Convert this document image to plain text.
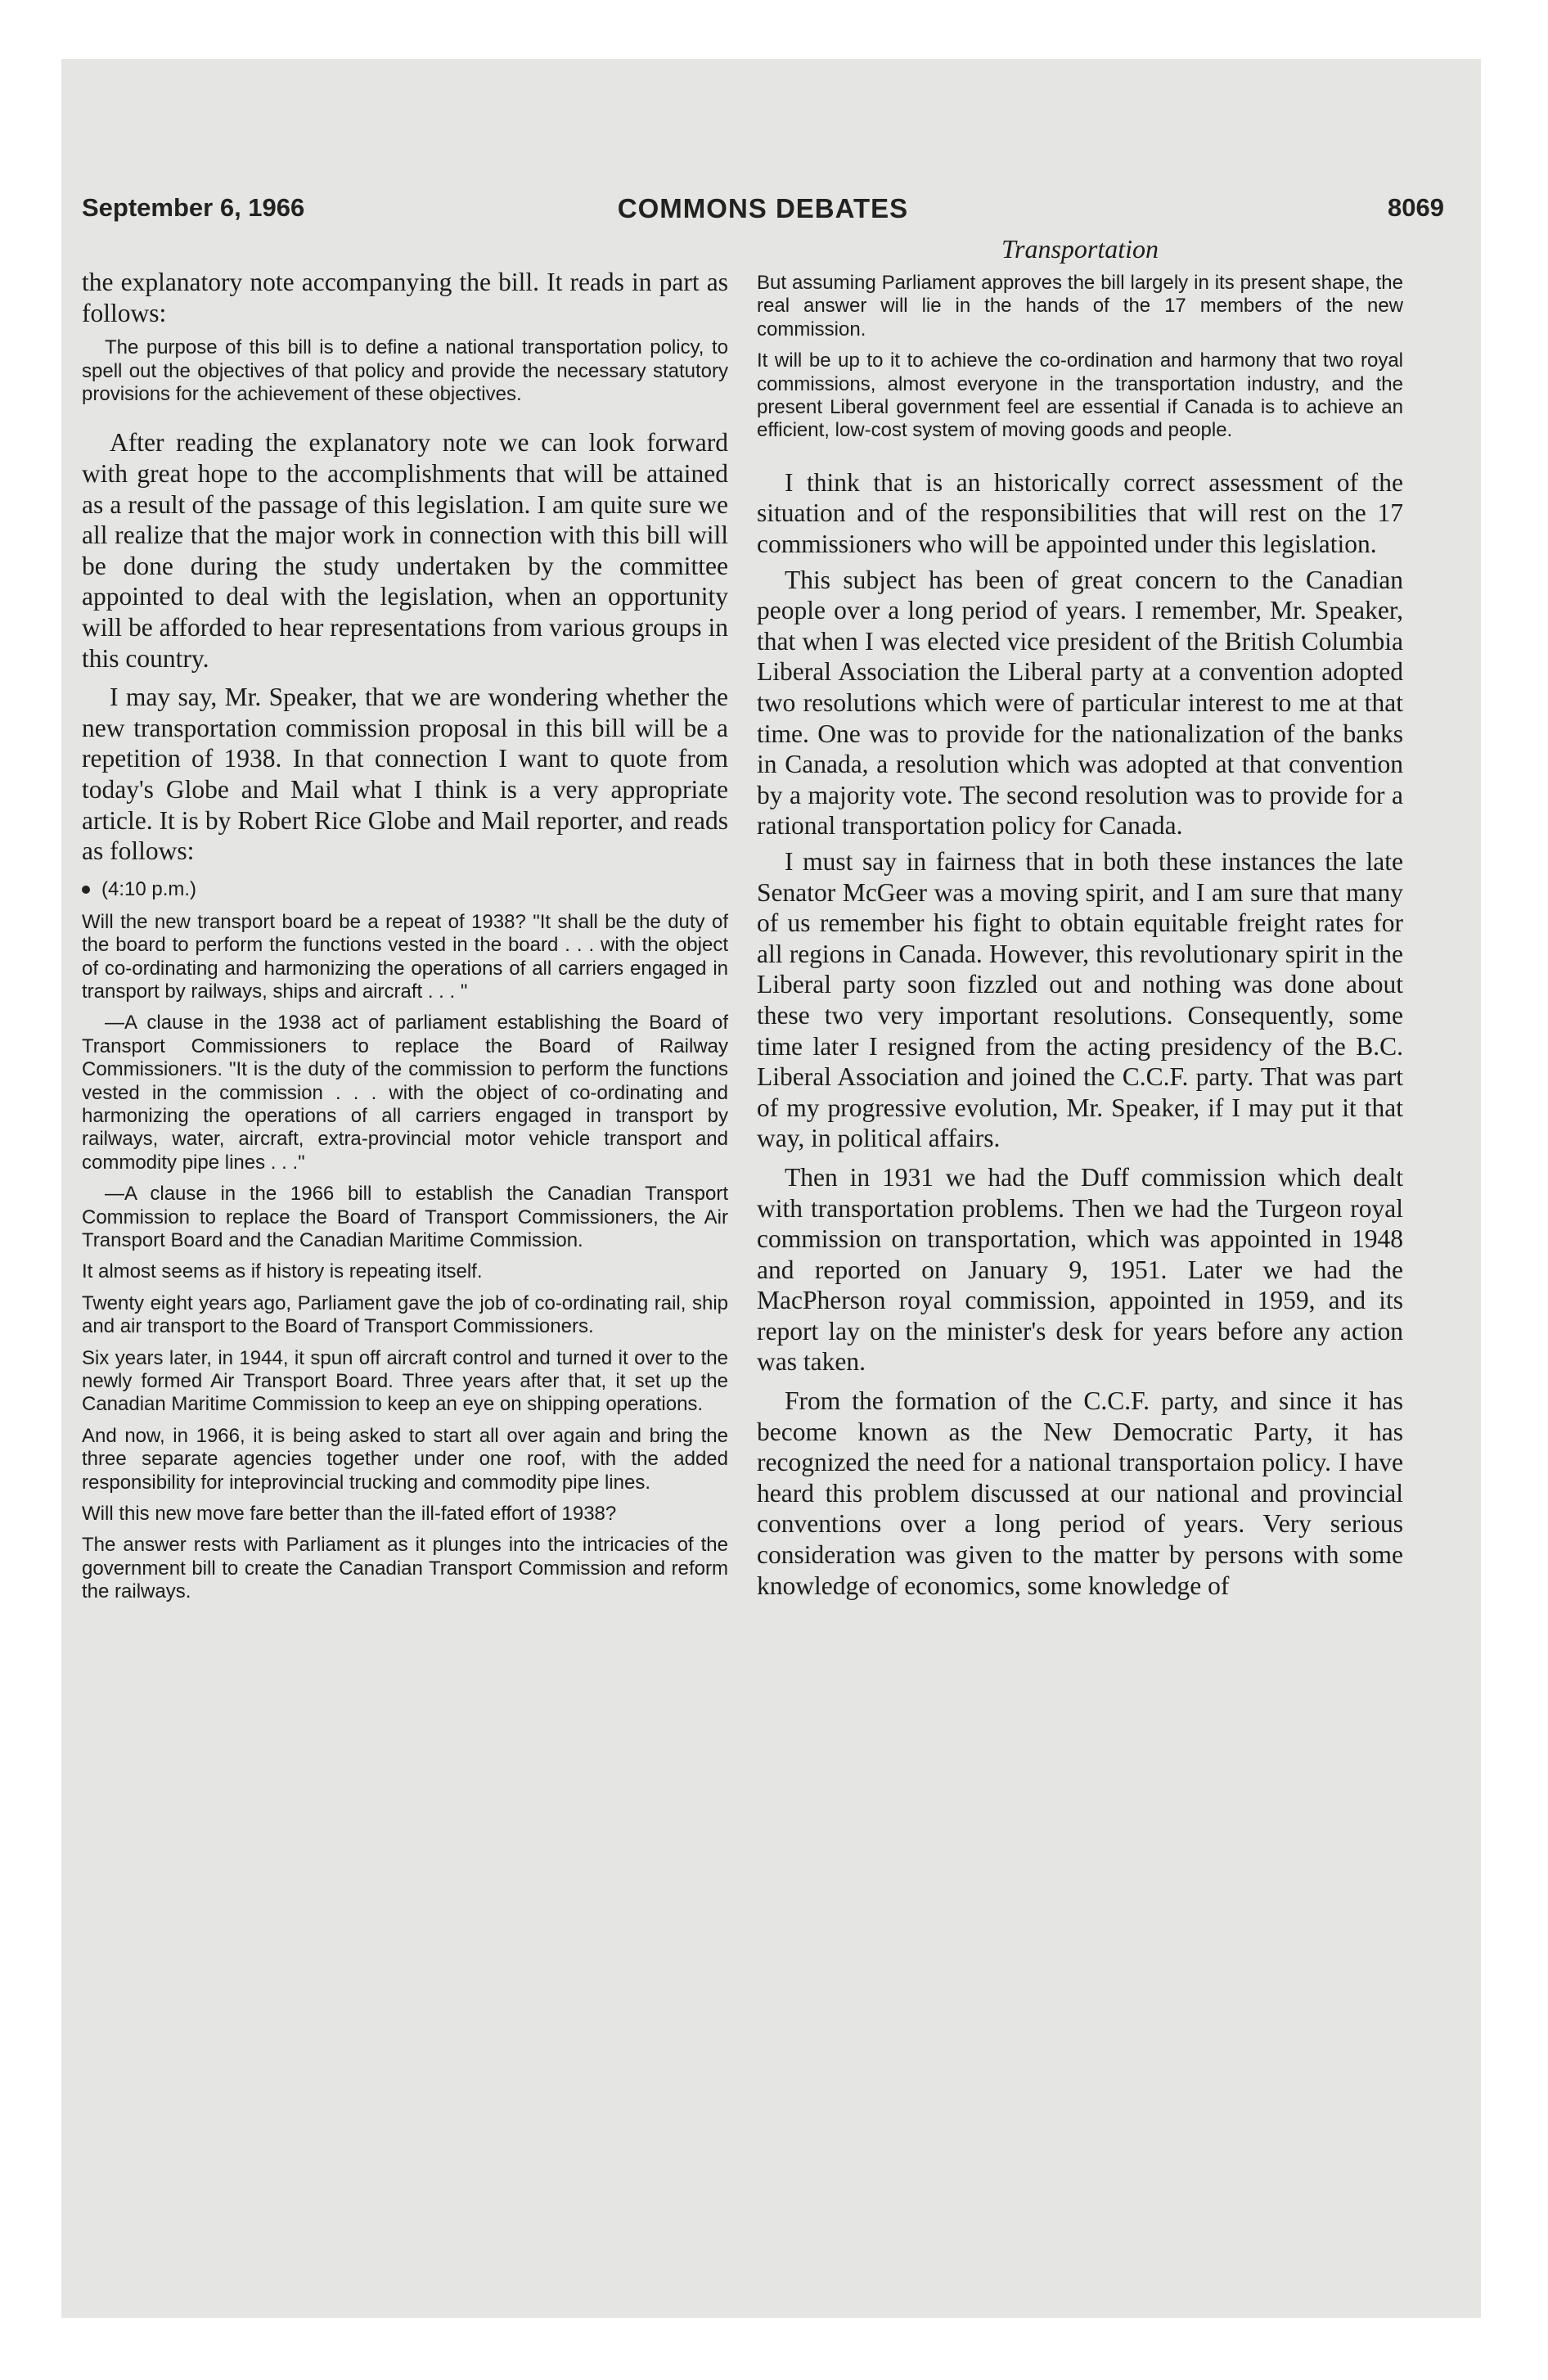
September 6, 1966	COMMONS DEBATES	8069

the explanatory note accompanying the bill. It reads in part as follows:

The purpose of this bill is to define a national transportation policy, to spell out the objectives of that policy and provide the necessary statutory provisions for the achievement of these objectives.

After reading the explanatory note we can look forward with great hope to the accomplishments that will be attained as a result of the passage of this legislation. I am quite sure we all realize that the major work in connection with this bill will be done during the study undertaken by the committee appointed to deal with the legislation, when an opportunity will be afforded to hear representations from various groups in this country.

I may say, Mr. Speaker, that we are wondering whether the new transportation commission proposal in this bill will be a repetition of 1938. In that connection I want to quote from today's Globe and Mail what I think is a very appropriate article. It is by Robert Rice Globe and Mail reporter, and reads as follows:

(4:10 p.m.)

Will the new transport board be a repeat of 1938? "It shall be the duty of the board to perform the functions vested in the board . . . with the object of co-ordinating and harmonizing the operations of all carriers engaged in transport by railways, ships and aircraft . . . "

—A clause in the 1938 act of parliament establishing the Board of Transport Commissioners to replace the Board of Railway Commissioners. "It is the duty of the commission to perform the functions vested in the commission . . . with the object of co-ordinating and harmonizing the operations of all carriers engaged in transport by railways, water, aircraft, extra-provincial motor vehicle transport and commodity pipe lines . . ."

—A clause in the 1966 bill to establish the Canadian Transport Commission to replace the Board of Transport Commissioners, the Air Transport Board and the Canadian Maritime Commission.

It almost seems as if history is repeating itself.

Twenty eight years ago, Parliament gave the job of co-ordinating rail, ship and air transport to the Board of Transport Commissioners.

Six years later, in 1944, it spun off aircraft control and turned it over to the newly formed Air Transport Board. Three years after that, it set up the Canadian Maritime Commission to keep an eye on shipping operations.

And now, in 1966, it is being asked to start all over again and bring the three separate agencies together under one roof, with the added responsibility for inteprovincial trucking and commodity pipe lines.

Will this new move fare better than the ill-fated effort of 1938?

The answer rests with Parliament as it plunges into the intricacies of the government bill to create the Canadian Transport Commission and reform the railways.

Transportation

But assuming Parliament approves the bill largely in its present shape, the real answer will lie in the hands of the 17 members of the new commission.

It will be up to it to achieve the co-ordination and harmony that two royal commissions, almost everyone in the transportation industry, and the present Liberal government feel are essential if Canada is to achieve an efficient, low-cost system of moving goods and people.

I think that is an historically correct assessment of the situation and of the responsibilities that will rest on the 17 commissioners who will be appointed under this legislation.

This subject has been of great concern to the Canadian people over a long period of years. I remember, Mr. Speaker, that when I was elected vice president of the British Columbia Liberal Association the Liberal party at a convention adopted two resolutions which were of particular interest to me at that time. One was to provide for the nationalization of the banks in Canada, a resolution which was adopted at that convention by a majority vote. The second resolution was to provide for a rational transportation policy for Canada.

I must say in fairness that in both these instances the late Senator McGeer was a moving spirit, and I am sure that many of us remember his fight to obtain equitable freight rates for all regions in Canada. However, this revolutionary spirit in the Liberal party soon fizzled out and nothing was done about these two very important resolutions. Consequently, some time later I resigned from the acting presidency of the B.C. Liberal Association and joined the C.C.F. party. That was part of my progressive evolution, Mr. Speaker, if I may put it that way, in political affairs.

Then in 1931 we had the Duff commission which dealt with transportation problems. Then we had the Turgeon royal commission on transportation, which was appointed in 1948 and reported on January 9, 1951. Later we had the MacPherson royal commission, appointed in 1959, and its report lay on the minister's desk for years before any action was taken.

From the formation of the C.C.F. party, and since it has become known as the New Democratic Party, it has recognized the need for a national transportaion policy. I have heard this problem discussed at our national and provincial conventions over a long period of years. Very serious consideration was given to the matter by persons with some knowledge of economics, some knowledge of
